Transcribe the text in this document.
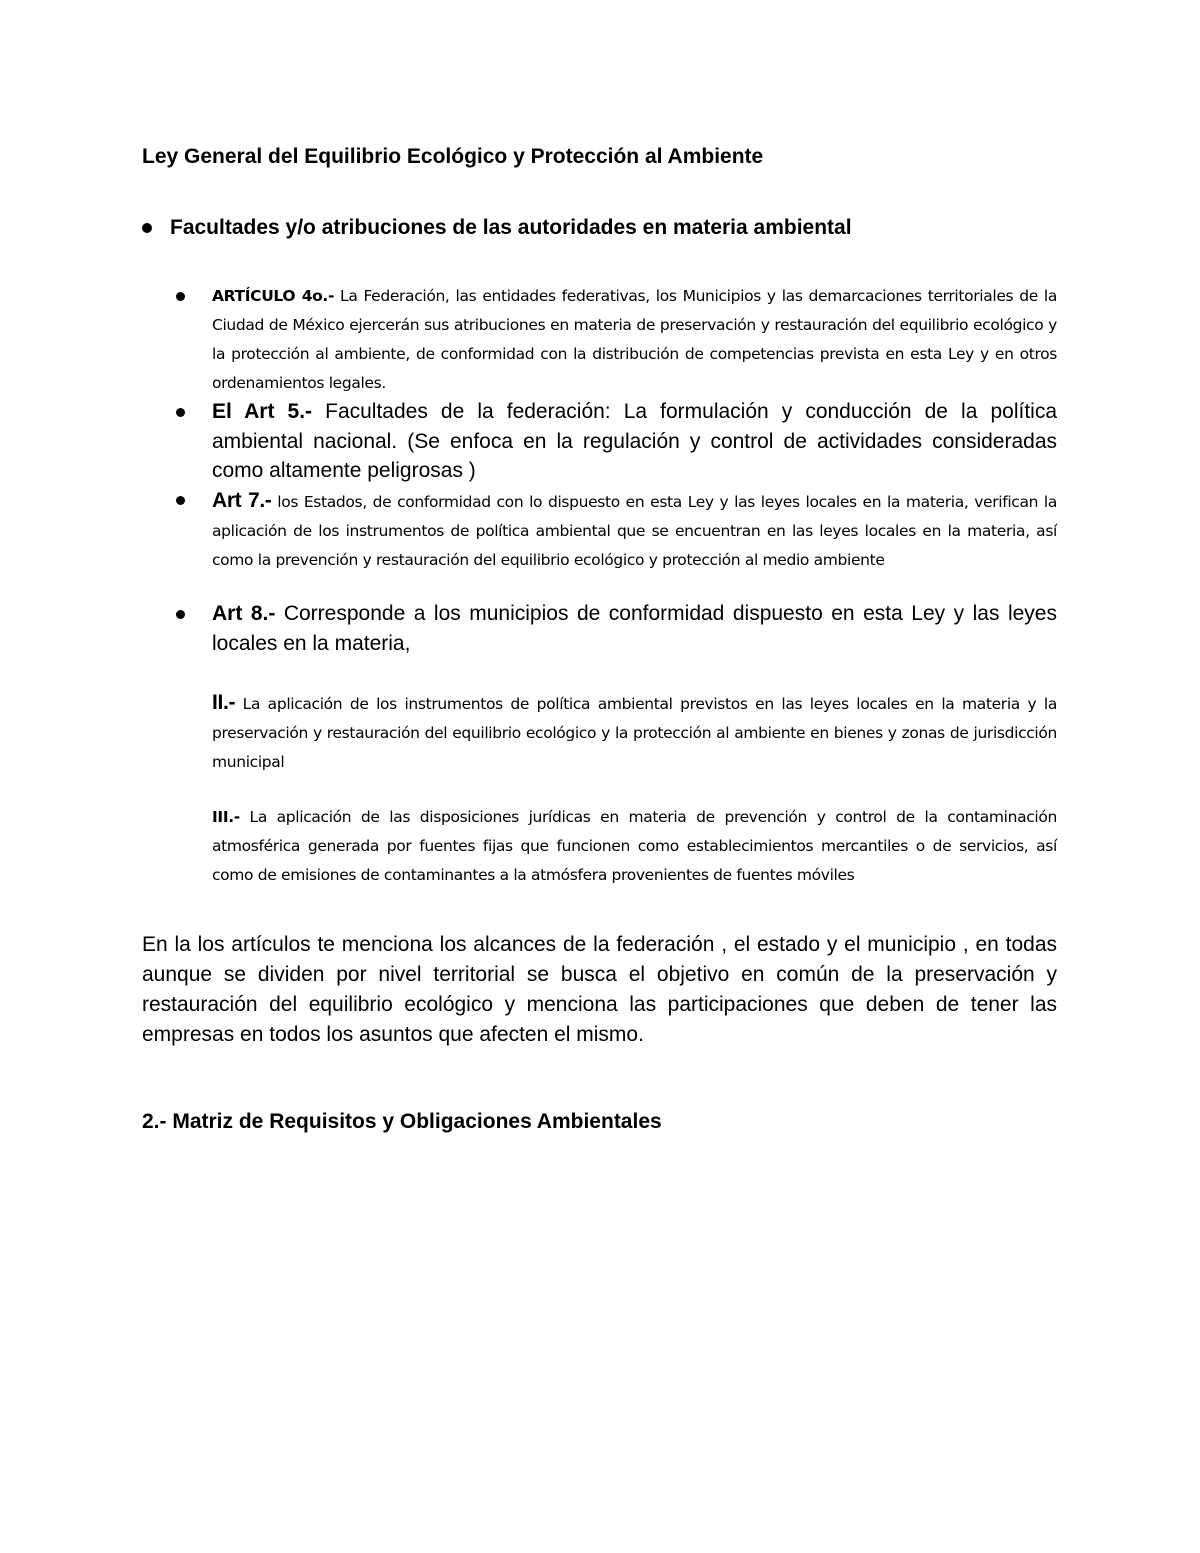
Ley General del Equilibrio Ecológico y Protección al Ambiente
Facultades y/o atribuciones de las autoridades en materia ambiental
ARTÍCULO 4o.- La Federación, las entidades federativas, los Municipios y las demarcaciones territoriales de la Ciudad de México ejercerán sus atribuciones en materia de preservación y restauración del equilibrio ecológico y la protección al ambiente, de conformidad con la distribución de competencias prevista en esta Ley y en otros ordenamientos legales.
El Art 5.- Facultades de la federación: La formulación y conducción de la política ambiental nacional. (Se enfoca en la regulación y control de actividades consideradas como altamente peligrosas )
Art 7.- los Estados, de conformidad con lo dispuesto en esta Ley y las leyes locales en la materia, verifican la aplicación de los instrumentos de política ambiental que se encuentran en las leyes locales en la materia, así como la prevención y restauración del equilibrio ecológico y protección al medio ambiente
Art 8.- Corresponde a los municipios de conformidad dispuesto en esta Ley y las leyes locales en la materia,
II.- La aplicación de los instrumentos de política ambiental previstos en las leyes locales en la materia y la preservación y restauración del equilibrio ecológico y la protección al ambiente en bienes y zonas de jurisdicción municipal
III.- La aplicación de las disposiciones jurídicas en materia de prevención y control de la contaminación atmosférica generada por fuentes fijas que funcionen como establecimientos mercantiles o de servicios, así como de emisiones de contaminantes a la atmósfera provenientes de fuentes móviles
En la los artículos te menciona los alcances de la federación , el estado y el municipio , en todas aunque se dividen por nivel territorial se busca el objetivo en común de la preservación y restauración del equilibrio ecológico y menciona las participaciones que deben de tener las empresas en todos los asuntos que afecten el mismo.
2.- Matriz de Requisitos y Obligaciones Ambientales
